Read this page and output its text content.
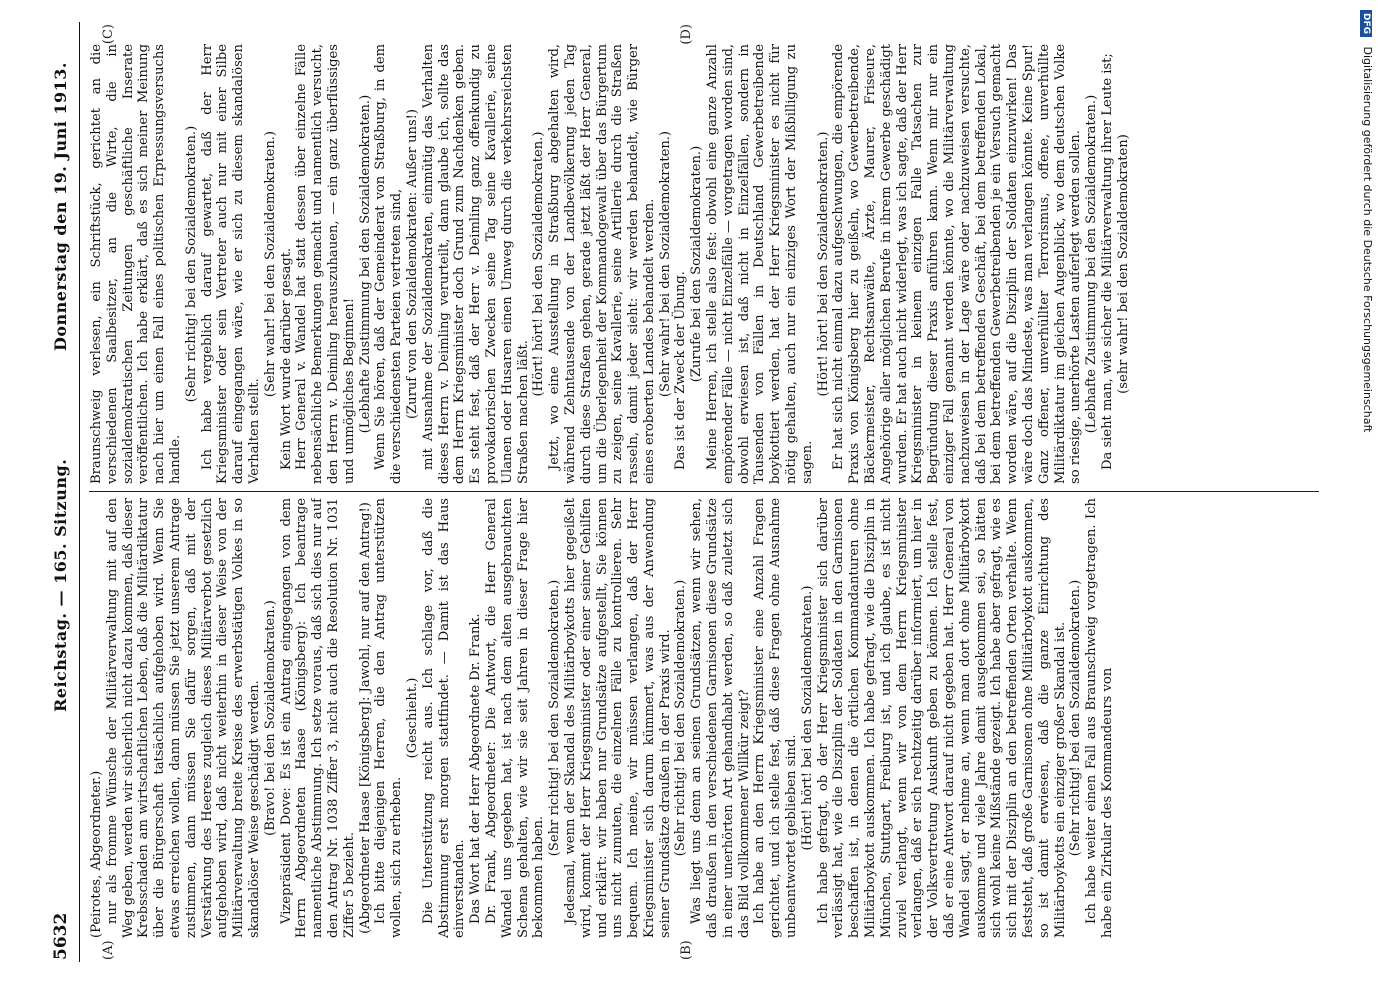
5632
Reichstag. — 165. Sitzung.
Donnerstag den 19. Juni 1913.
(A)	(B)
(C)	(D)

(Peirotes, Abgeordneter.) nur als fromme Wünsche der Militärverwaltung mit auf den Weg geben, werden wir sicherlich nicht dazu kommen, daß dieser Krebsschaden am wirtschaftlichen Leben, daß die Militärdiktatur über die Bürgerschaft tatsächlich aufgehoben wird. Wenn Sie etwas erreichen wollen, dann müssen Sie jetzt unserem Antrage zustimmen, dann müssen Sie dafür sorgen, daß mit der Verstärkung des Heeres zugleich dieses Militärverbot gesetzlich aufgehoben wird, daß nicht weiterhin in dieser Weise von der Militärverwaltung breite Kreise des erwerbstätigen Volkes in so skandalöser Weise geschädigt werden. (Bravo! bei den Sozialdemokraten.) Vizepräsident Dove: Es ist ein Antrag eingegangen von dem Herrn Abgeordneten Haase (Königsberg): Ich beantrage namentliche Abstimmung. Ich setze voraus, daß sich dies nur auf den Antrag Nr. 1038 Ziffer 3, nicht auch die Resolution Nr. 1031 Ziffer 5 bezieht. (Abgeordneter Haase [Königsberg]: Jawohl, nur auf den Antrag!) Ich bitte diejenigen Herren, die den Antrag unterstützen wollen, sich zu erheben.

(Geschieht.) Die Unterstützung reicht aus. Ich schlage vor, daß die Abstimmung erst morgen stattfindet. — Damit ist das Haus einverstanden. Das Wort hat der Herr Abgeordnete Dr. Frank. Dr. Frank, Abgeordneter: Die Antwort, die Herr General Wandel uns gegeben hat, ist nach dem alten ausgebrauchten Schema gehalten, wie wir sie seit Jahren in dieser Frage hier bekommen haben.

(Sehr richtig! bei den Sozialdemokraten.) Jedesmal, wenn der Skandal des Militärboykotts hier gegeißelt wird, kommt der Herr Kriegsminister oder einer seiner Gehilfen und erklärt: wir haben nur Grundsätze aufgestellt, Sie können uns nicht zumuten, die einzelnen Fälle zu kontrollieren. Sehr bequem. Ich meine, wir müssen verlangen, daß der Herr Kriegsminister sich darum kümmert, was aus der Anwendung seiner Grundsätze draußen in der Praxis wird. (Sehr richtig! bei den Sozialdemokraten.) Was liegt uns denn an seinen Grundsätzen, wenn wir sehen, daß draußen in den verschiedenen Garnisonen diese Grundsätze in einer unerhörten Art gehandhabt werden, so daß zuletzt sich das Bild vollkommener Willkür zeigt? Ich habe an den Herrn Kriegsminister eine Anzahl Fragen gerichtet, und ich stelle fest, daß diese Fragen ohne Ausnahme unbeantwortet geblieben sind. (Hört! hört! bei den Sozialdemokraten.) Ich habe gefragt, ob der Herr Kriegsminister sich darüber verlässigt hat, wie die Disziplin der Soldaten in den Garnisonen beschaffen ist, in denen die örtlichen Kommandanturen ohne Militärboykott auskommen. Ich habe gefragt, wie die Disziplin in München, Stuttgart, Freiburg ist, und ich glaube, es ist nicht zuviel verlangt, wenn wir von dem Herrn Kriegsminister verlangen, daß er sich rechtzeitig darüber informiert, um hier in der Volksvertretung Auskunft geben zu können. Ich stelle fest, daß er eine Antwort darauf nicht gegeben hat. Herr General von Wandel sagt, er nehme an, wenn man dort ohne Militärboykott auskomme und viele Jahre damit ausgekommen sei, so hätten sich wohl keine Mißstände gezeigt. Ich habe aber gefragt, wie es sich mit der Disziplin an den betreffenden Orten verhalte. Wenn feststeht, daß große Garnisonen ohne Militärboykott auskommen, so ist damit erwiesen, daß die ganze Einrichtung des Militärboykotts ein einziger großer Skandal ist. (Sehr richtig! bei den Sozialdemokraten.) Ich habe weiter einen Fall aus Braunschweig vorgetragen. Ich habe ein Zirkular des Kommandeurs von

Braunschweig verlesen, ein Schriftstück, gerichtet an die verschiedenen Saalbesitzer, an die Wirte, die in sozialdemokratischen Zeitungen geschäftliche Inserate veröffentlichen. Ich habe erklärt, daß es sich meiner Meinung nach hier um einen Fall eines politischen Erpressungsversuchs handle.

(Sehr richtig! bei den Sozialdemokraten.) Ich habe vergeblich darauf gewartet, daß der Herr Kriegsminister oder sein Vertreter auch nur mit einer Silbe darauf eingegangen wäre, wie er sich zu diesem skandalösen Verhalten stellt.

(Sehr wahr! bei den Sozialdemokraten.) Kein Wort wurde darüber gesagt. Herr General v. Wandel hat statt dessen über einzelne Fälle nebensächliche Bemerkungen gemacht und namentlich versucht, den Herrn v. Deimling herauszuhauen, — ein ganz überflüssiges und unmögliches Beginnen! (Lebhafte Zustimmung bei den Sozialdemokraten.) Wenn Sie hören, daß der Gemeinderat von Straßburg, in dem die verschiedensten Parteien vertreten sind, (Zuruf von den Sozialdemokraten: Außer uns!) mit Ausnahme der Sozialdemokraten, einmütig das Verhalten dieses Herrn v. Deimling verurteilt, dann glaube ich, sollte das dem Herrn Kriegsminister doch Grund zum Nachdenken geben. Es steht fest, daß der Herr v. Deimling ganz offenkundig zu provokatorischen Zwecken seine Tag seine Kavallerie, seine Ulanen oder Husaren einen Umweg durch die verkehrsreichsten Straßen machen läßt.

(Hört! hört! bei den Sozialdemokraten.) Jetzt, wo eine Ausstellung in Straßburg abgehalten wird, während Zehntausende von der Landbevölkerung jeden Tag durch diese Straßen gehen, gerade jetzt läßt der Herr General, um die Überlegenheit der Kommandogewalt über das Bürgertum zu zeigen, seine Kavallerie, seine Artillerie durch die Straßen rasseln, damit jeder sieht: wir werden behandelt, wie Bürger eines eroberten Landes behandelt werden. (Sehr wahr! bei den Sozialdemokraten.) Das ist der Zweck der Übung. (Zurufe bei den Sozialdemokraten.) Meine Herren, ich stelle also fest: obwohl eine ganze Anzahl empörender Fälle — nicht Einzelfälle — vorgetragen worden sind, obwohl erwiesen ist, daß nicht in Einzelfällen, sondern in Tausenden von Fällen in Deutschland Gewerbetreibende boykottiert werden, hat der Herr Kriegsminister es nicht für nötig gehalten, auch nur ein einziges Wort der Mißbilligung zu sagen.

(Hört! hört! bei den Sozialdemokraten.) Er hat sich nicht einmal dazu aufgeschwungen, die empörende Praxis von Königsberg hier zu geißeln, wo Gewerbetreibende, Bäckermeister, Rechtsanwälte, Ärzte, Maurer, Friseure, Angehörige aller möglichen Berufe in ihrem Gewerbe geschädigt wurden. Er hat auch nicht widerlegt, was ich sagte, daß der Herr Kriegsminister in keinem einzigen Falle Tatsachen zur Begründung dieser Praxis anführen kann. Wenn mir nur ein einziger Fall genannt werden könnte, wo die Militärverwaltung nachzuweisen in der Lage wäre oder nachzuweisen versuchte, daß bei dem betreffenden Geschäft, bei dem betreffenden Lokal, bei dem betreffenden Gewerbetreibenden je ein Versuch gemacht worden wäre, auf die Disziplin der Soldaten einzuwirken! Das wäre doch das Mindeste, was man verlangen könnte. Keine Spur! Ganz offener, unverhüllter Terrorismus, offene, unverhüllte Militärdiktatur im gleichen Augenblick, wo dem deutschen Volke so riesige, unerhörte Lasten auferlegt werden sollen. (Lebhafte Zustimmung bei den Sozialdemokraten.) Da sieht man, wie sicher die Militärverwaltung ihrer Leute ist; (sehr wahr! bei den Sozialdemokraten)

DFG Digitalisierung gefördert durch die Deutsche Forschungsgemeinschaft
